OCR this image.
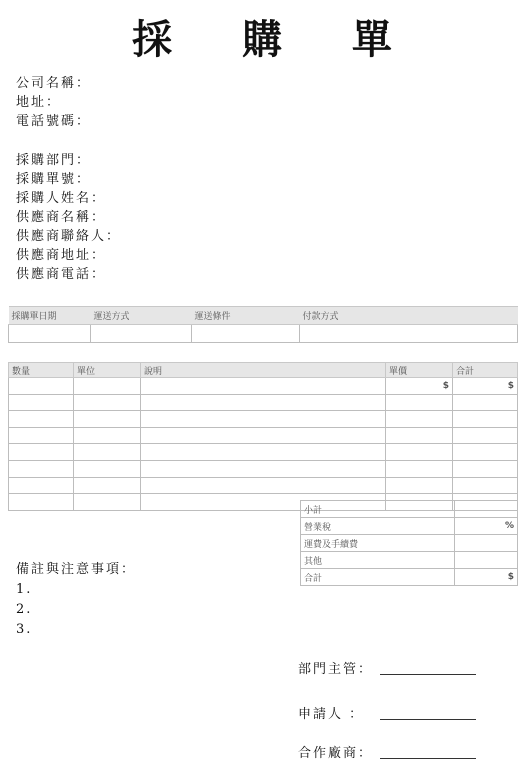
採 購 單
公司名稱：
地址：
電話號碼：
採購部門：
採購單號：
採購人姓名：
供應商名稱：
供應商聯絡人：
供應商地址：
供應商電話：
採購單日期	運送方式	運送條件	付款方式

數量	單位	說明	單價	合計
			$	$

小計	
營業稅	%
運費及手續費	
其他	
合計	$
備註與注意事項：
1.
2.
3.
部門主管：
申請人 ：
合作廠商：
